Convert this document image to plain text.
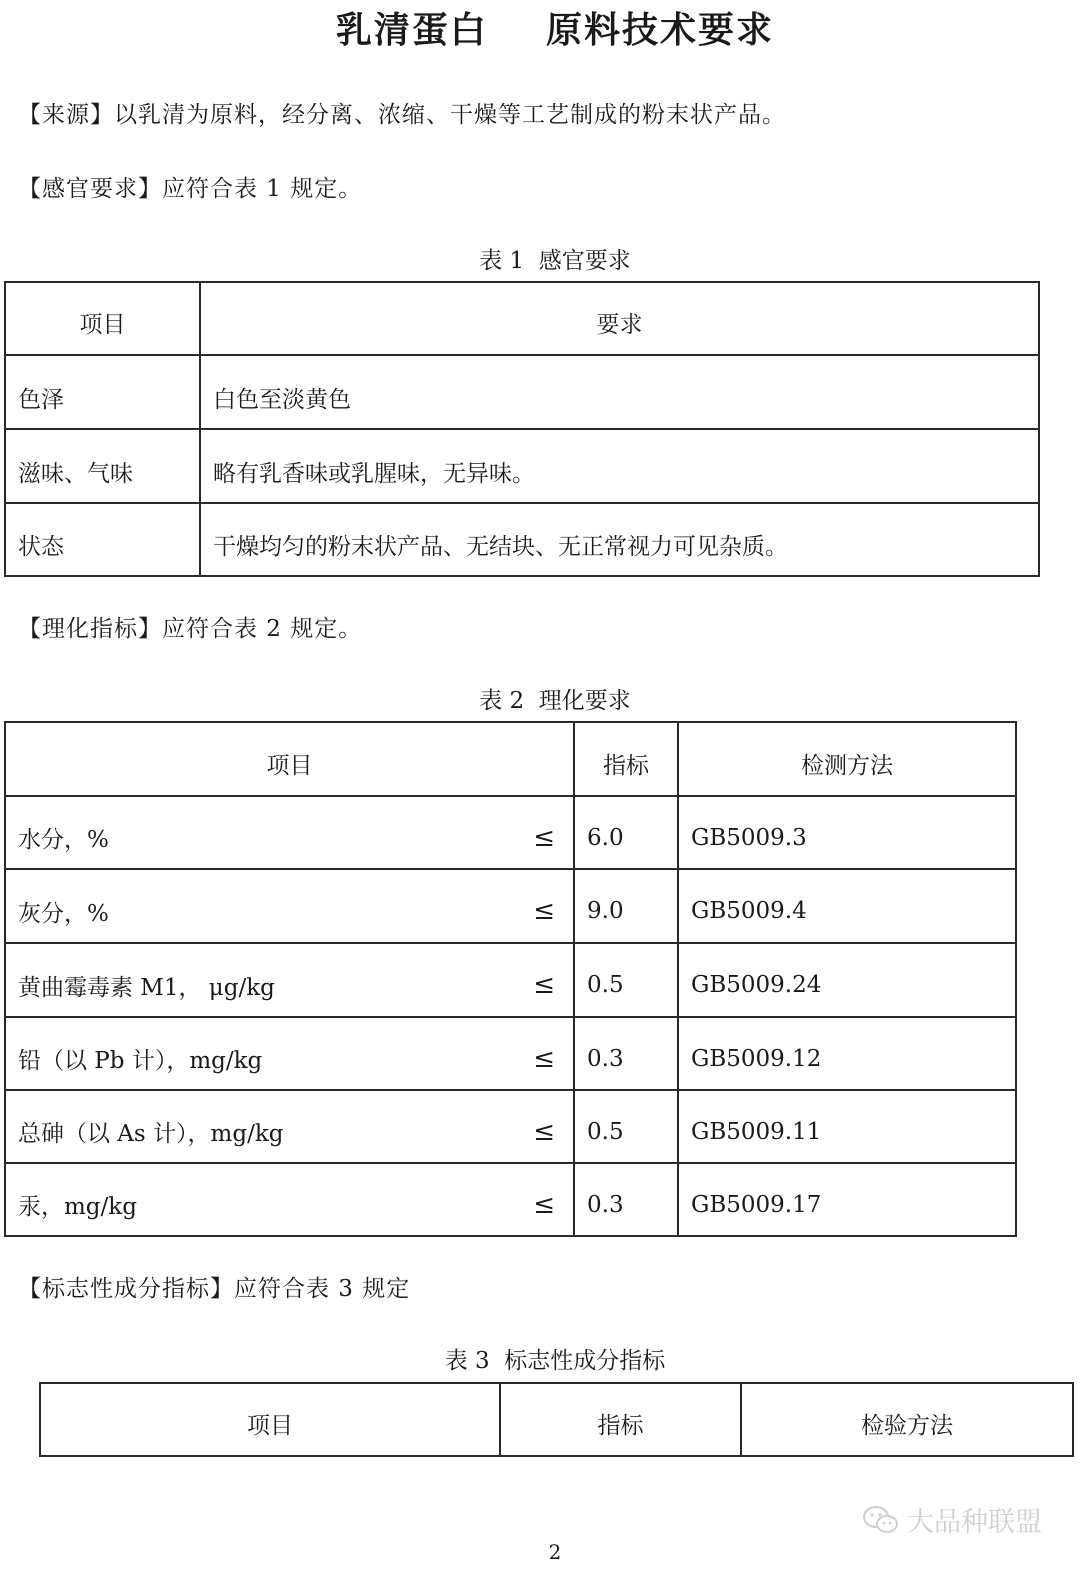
乳清蛋白    原料技术要求
【来源】以乳清为原料，经分离、浓缩、干燥等工艺制成的粉末状产品。
【感官要求】应符合表 1 规定。
表 1  感官要求
项目	要求
色泽	白色至淡黄色
滋味、气味	略有乳香味或乳腥味，无异味。
状态	干燥均匀的粉末状产品、无结块、无正常视力可见杂质。
【理化指标】应符合表 2 规定。
表 2  理化要求
项目	指标	检测方法

水分，% ≤	6.0	GB5009.3

灰分，% ≤	9.0	GB5009.4

黄曲霉毒素 M1， μg/kg ≤	0.5	GB5009.24

铅（以 Pb 计），mg/kg ≤	0.3	GB5009.12

总砷（以 As 计），mg/kg ≤	0.5	GB5009.11

汞，mg/kg ≤	0.3	GB5009.17
【标志性成分指标】应符合表 3 规定
表 3  标志性成分指标
项目	指标	检验方法
大品种联盟
2
